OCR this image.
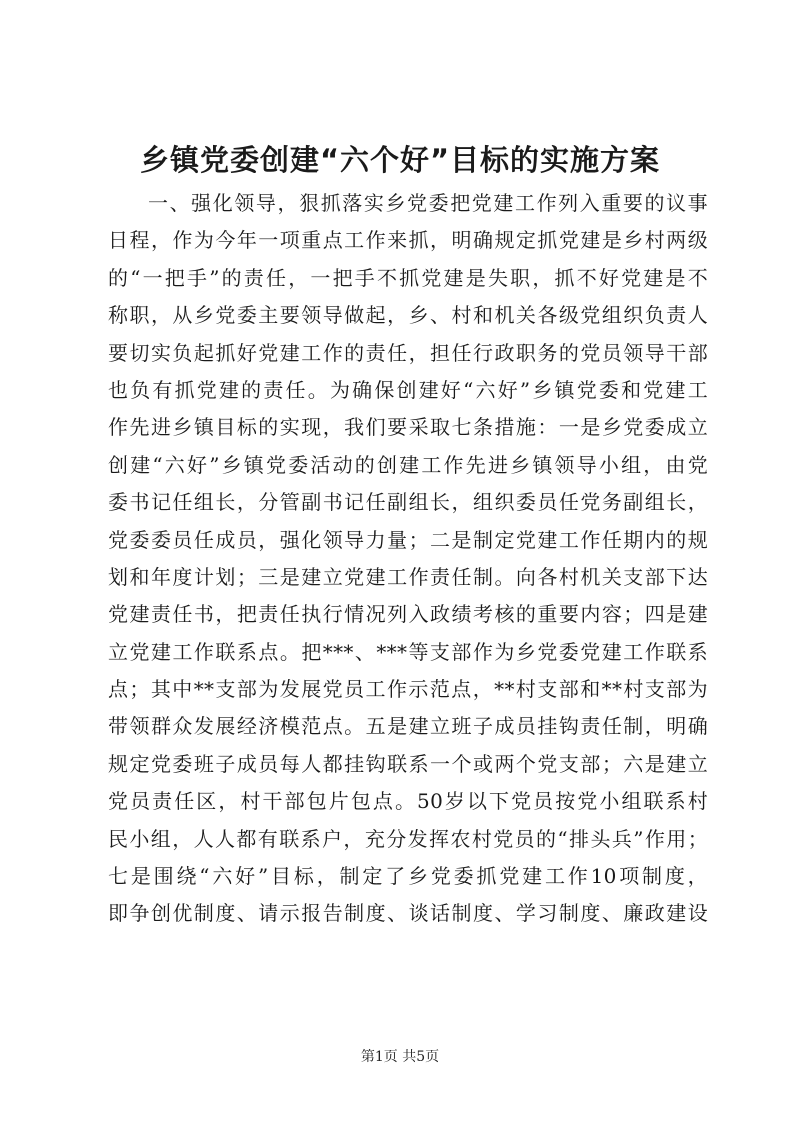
乡镇党委创建“六个好”目标的实施方案
一、强化领导，狠抓落实乡党委把党建工作列入重要的议事
日程，作为今年一项重点工作来抓，明确规定抓党建是乡村两级
的“一把手”的责任，一把手不抓党建是失职，抓不好党建是不
称职，从乡党委主要领导做起，乡、村和机关各级党组织负责人
要切实负起抓好党建工作的责任，担任行政职务的党员领导干部
也负有抓党建的责任。为确保创建好“六好”乡镇党委和党建工
作先进乡镇目标的实现，我们要采取七条措施：一是乡党委成立
创建“六好”乡镇党委活动的创建工作先进乡镇领导小组，由党
委书记任组长，分管副书记任副组长，组织委员任党务副组长，
党委委员任成员，强化领导力量；二是制定党建工作任期内的规
划和年度计划；三是建立党建工作责任制。向各村机关支部下达
党建责任书，把责任执行情况列入政绩考核的重要内容；四是建
立党建工作联系点。把***、***等支部作为乡党委党建工作联系
点；其中**支部为发展党员工作示范点，**村支部和**村支部为
带领群众发展经济模范点。五是建立班子成员挂钩责任制，明确
规定党委班子成员每人都挂钩联系一个或两个党支部；六是建立
党员责任区，村干部包片包点。50岁以下党员按党小组联系村
民小组，人人都有联系户，充分发挥农村党员的“排头兵”作用；
七是围绕“六好”目标，制定了乡党委抓党建工作10项制度，
即争创优制度、请示报告制度、谈话制度、学习制度、廉政建设
第1页 共5页
